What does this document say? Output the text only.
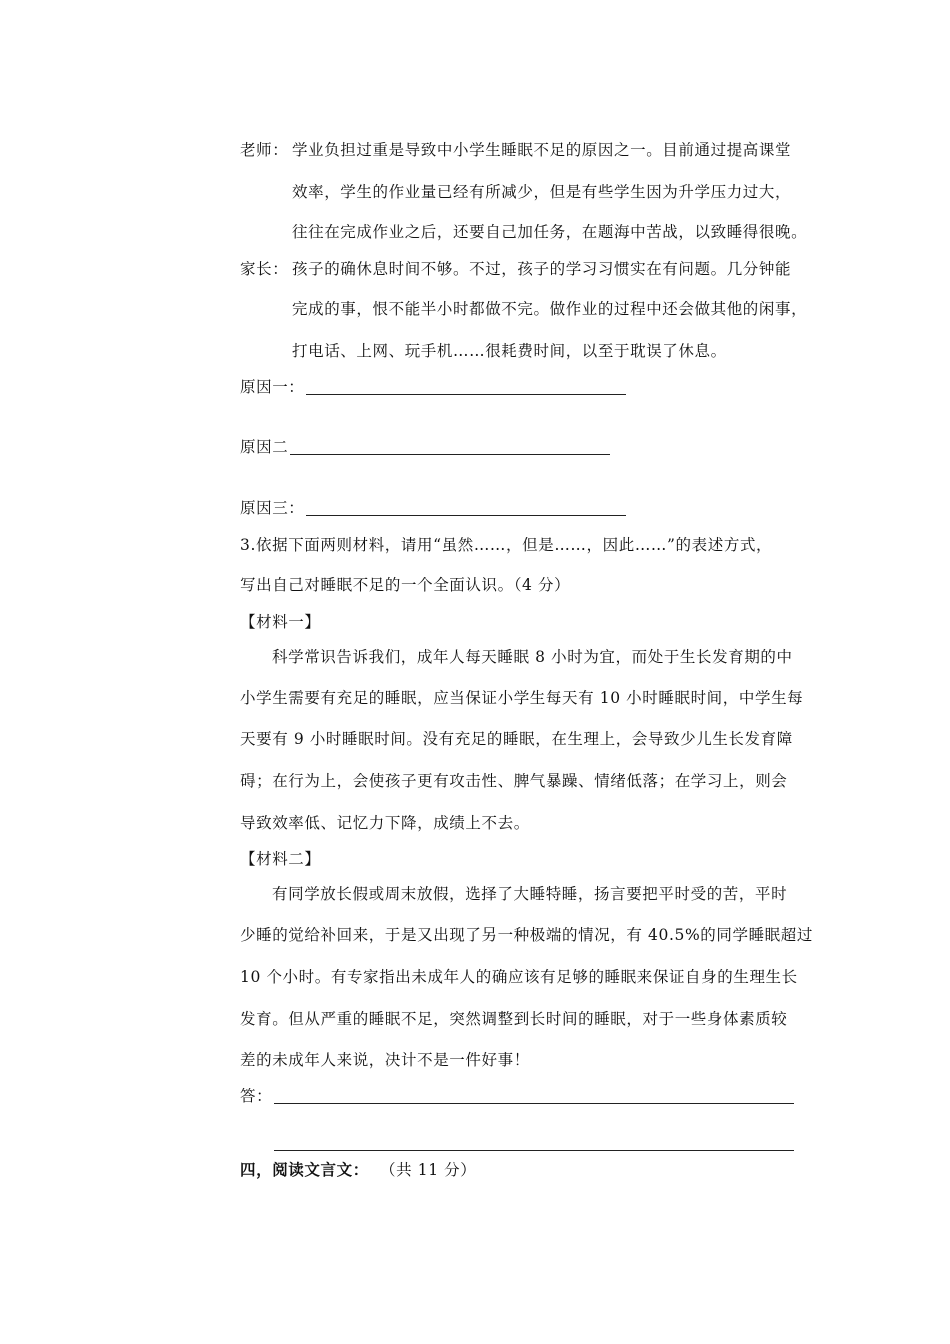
老师： 学业负担过重是导致中小学生睡眠不足的原因之一。目前通过提高课堂
效率，学生的作业量已经有所减少，但是有些学生因为升学压力过大，
往往在完成作业之后，还要自己加任务，在题海中苦战，以致睡得很晚。
家长： 孩子的确休息时间不够。不过，孩子的学习习惯实在有问题。几分钟能
完成的事，恨不能半小时都做不完。做作业的过程中还会做其他的闲事，
打电话、上网、玩手机……很耗费时间，以至于耽误了休息。
原因一：
原因二
原因三：
3.依据下面两则材料，请用“虽然……，但是……，因此……”的表述方式，
写出自己对睡眠不足的一个全面认识。（4 分）
【材料一】
科学常识告诉我们，成年人每天睡眠 8 小时为宜，而处于生长发育期的中
小学生需要有充足的睡眠，应当保证小学生每天有 10 小时睡眠时间，中学生每
天要有 9 小时睡眠时间。没有充足的睡眠，在生理上，会导致少儿生长发育障
碍；在行为上，会使孩子更有攻击性、脾气暴躁、情绪低落；在学习上，则会
导致效率低、记忆力下降，成绩上不去。
【材料二】
有同学放长假或周末放假，选择了大睡特睡，扬言要把平时受的苦，平时
少睡的觉给补回来，于是又出现了另一种极端的情况，有 40.5%的同学睡眠超过
10 个小时。有专家指出未成年人的确应该有足够的睡眠来保证自身的生理生长
发育。但从严重的睡眠不足，突然调整到长时间的睡眠，对于一些身体素质较
差的未成年人来说，决计不是一件好事！
答：
四，阅读文言文： （共 11 分）
